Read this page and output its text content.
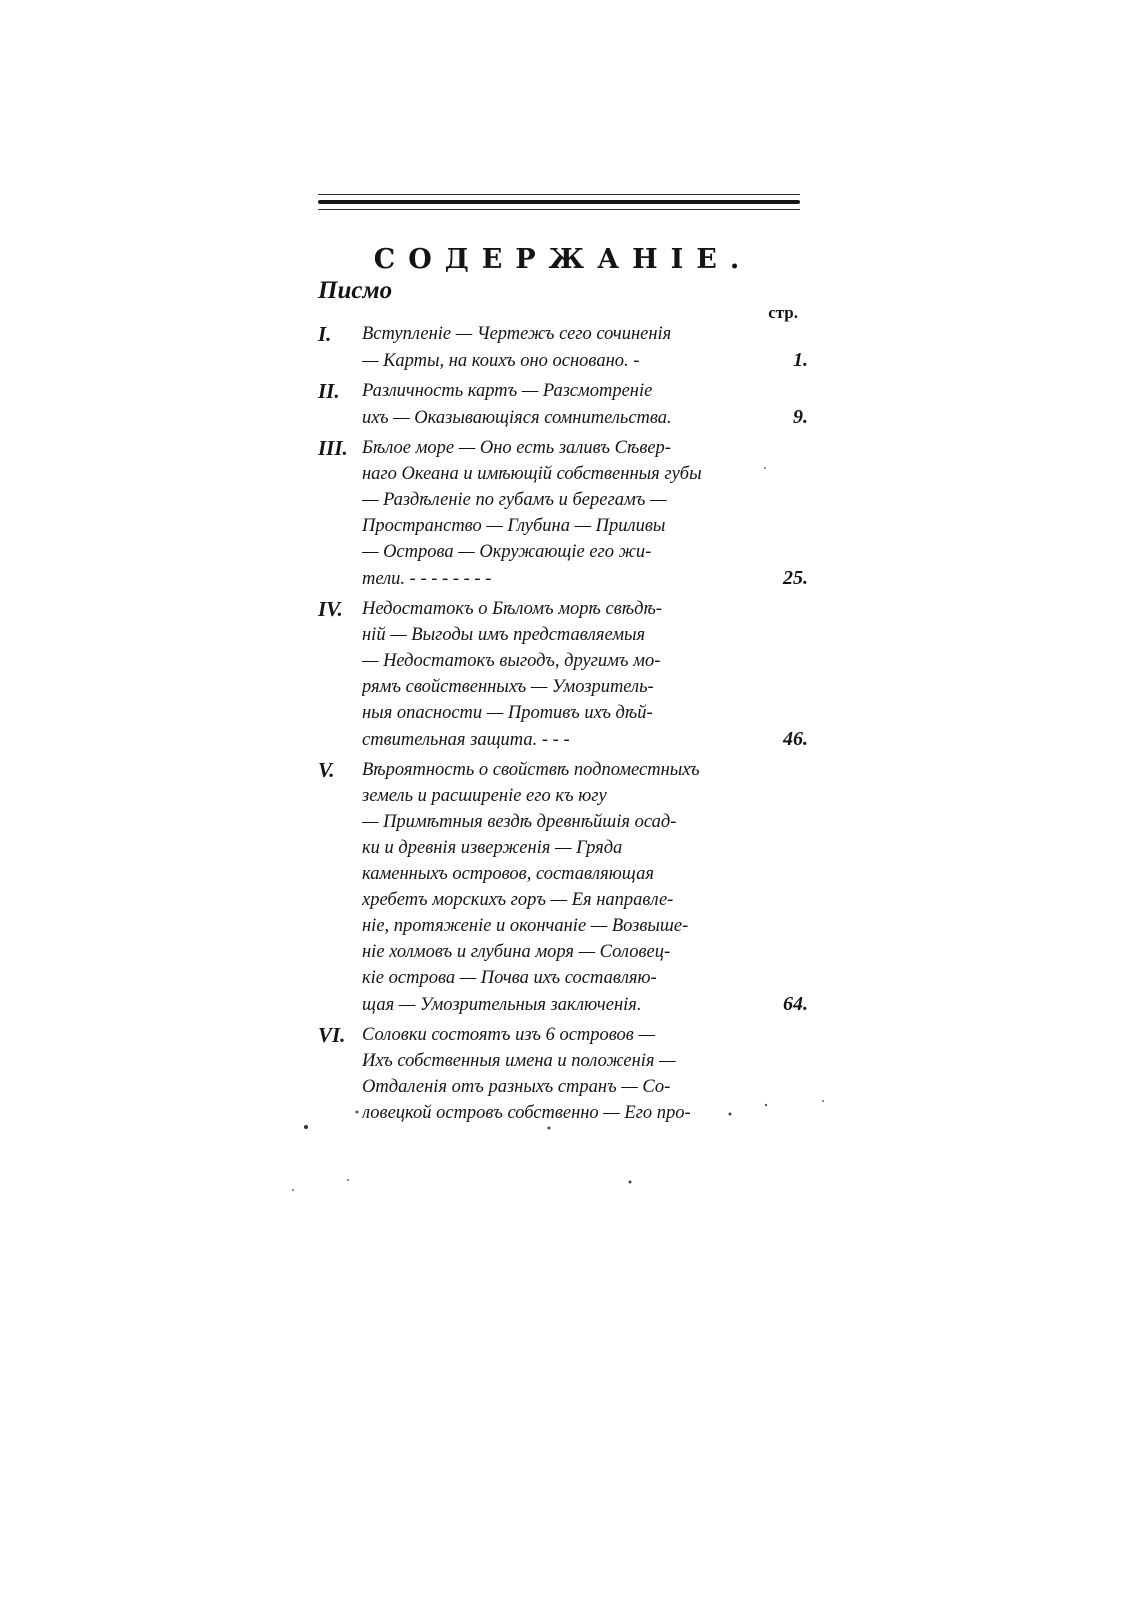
СОДЕРЖАНІЕ.
Писмо
стр.
I.	Вступленіе — Чертежъ сего сочиненія
— Карты, на коихъ оно основано. -	1.
II.	Различность картъ — Разсмотреніе
ихъ — Оказывающіяся сомнительства.	9.
III. Бѣлое море — Оно есть заливъ Сѣвер-
наго Океана и имѣющій собственныя губы
— Раздѣленіе по губамъ и берегамъ —
Пространство — Глубина — Приливы
— Острова — Окружающіе его жи-
тели. - - - - - - - -	25.
IV.	Недостатокъ о Бѣломъ морѣ свѣдѣ-
ній — Выгоды имъ представляемыя
— Недостатокъ выгодъ, другимъ мо-
рямъ свойственныхъ — Умозритель-
ныя опасности — Противъ ихъ дѣй-
ствительная защита. - - -	46.
V.	Вѣроятность о свойствѣ подпоместныхъ
земель и расширеніе его къ югу
— Примѣтныя вездѣ древнѣйшія осад-
ки и древнія изверженія — Гряда
каменныхъ островов, составляющая
хребетъ морскихъ горъ — Ея направле-
ніе, протяженіе и окончаніе — Возвыше-
ніе холмовъ и глубина моря — Соловец-
кіе острова — Почва ихъ составляю-
щая — Умозрительныя заключенія.	64.
VI. Соловки состоятъ изъ 6 островов —
Ихъ собственныя имена и положенія —
Отдаленія отъ разныхъ странъ — Со-
ловецкой островъ собственно — Его про-
